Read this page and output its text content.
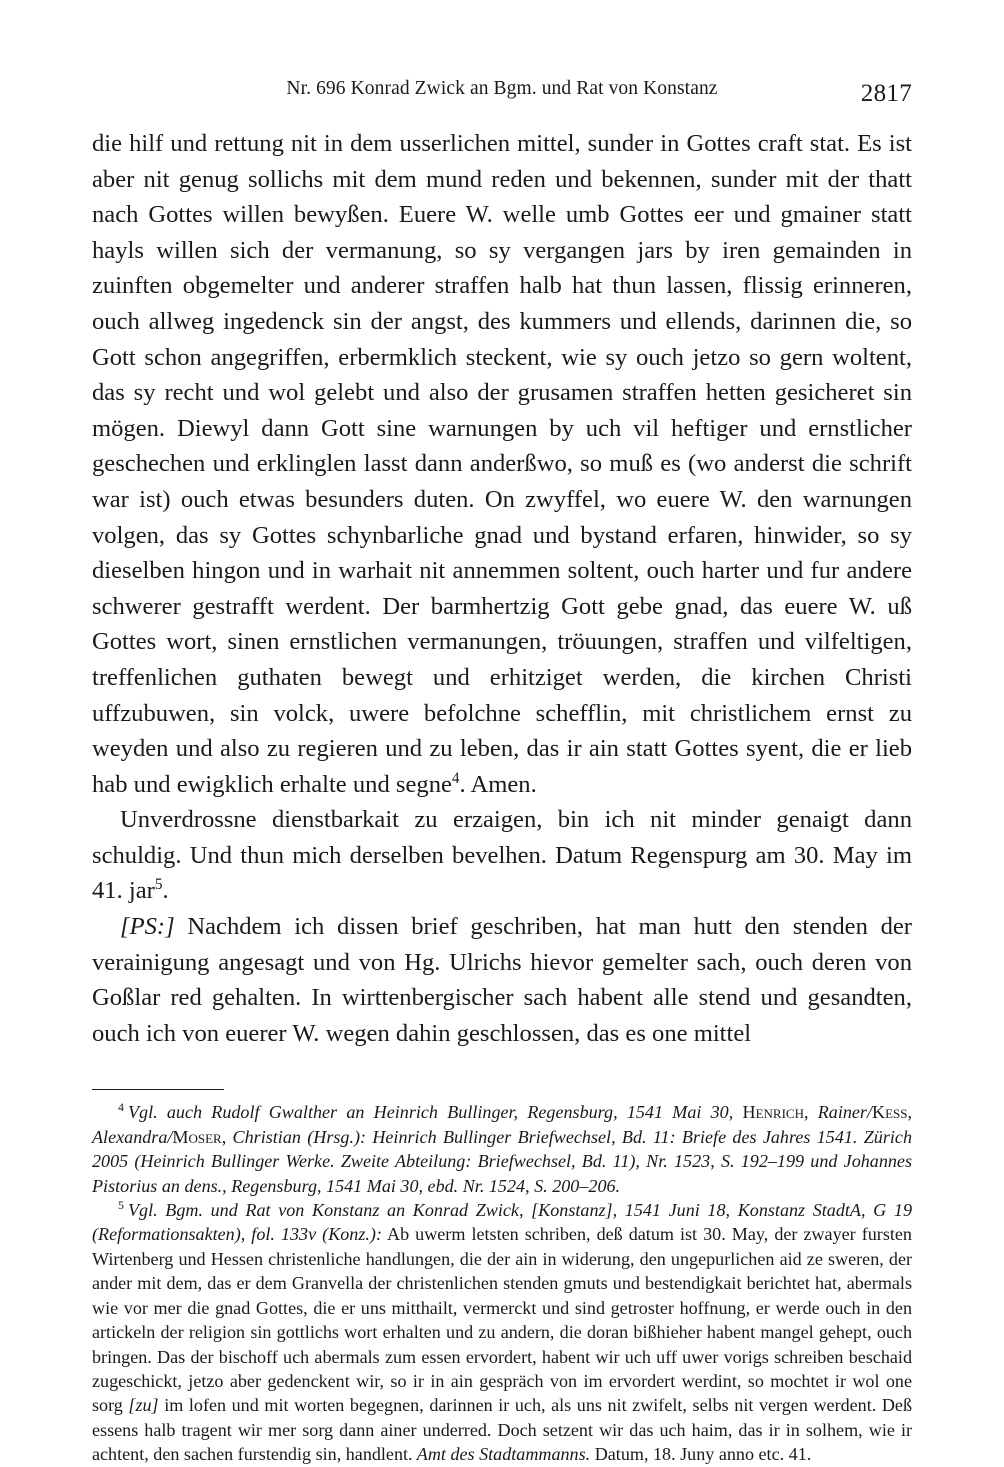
Nr. 696 Konrad Zwick an Bgm. und Rat von Konstanz	2817

die hilf und rettung nit in dem usserlichen mittel, sunder in Gottes craft stat. Es ist aber nit genug sollichs mit dem mund reden und bekennen, sunder mit der thatt nach Gottes willen bewyßen. Euere W. welle umb Gottes eer und gmainer statt hayls willen sich der vermanung, so sy vergangen jars by iren gemainden in zuinften obgemelter und anderer straffen halb hat thun lassen, flissig erinneren, ouch allweg ingedenck sin der angst, des kummers und ellends, darinnen die, so Gott schon angegriffen, erbermklich steckent, wie sy ouch jetzo so gern woltent, das sy recht und wol gelebt und also der grusamen straffen hetten gesicheret sin mögen. Diewyl dann Gott sine warnungen by uch vil heftiger und ernstlicher geschechen und erklinglen lasst dann anderßwo, so muß es (wo anderst die schrift war ist) ouch etwas besunders duten. On zwyffel, wo euere W. den warnungen volgen, das sy Gottes schynbarliche gnad und bystand erfaren, hinwider, so sy dieselben hingon und in warhait nit annemmen soltent, ouch harter und fur andere schwerer gestrafft werdent. Der barmhertzig Gott gebe gnad, das euere W. uß Gottes wort, sinen ernstlichen vermanungen, tröuungen, straffen und vilfeltigen, treffenlichen guthaten bewegt und erhitziget werden, die kirchen Christi uffzubuwen, sin volck, uwere befolchne schefflin, mit christlichem ernst zu weyden und also zu regieren und zu leben, das ir ain statt Gottes syent, die er lieb hab und ewigklich erhalte und segne$^4$. Amen.

Unverdrossne dienstbarkait zu erzaigen, bin ich nit minder genaigt dann schuldig. Und thun mich derselben bevelhen. Datum Regenspurg am 30. May im 41. jar$^5$.

[PS:] Nachdem ich dissen brief geschriben, hat man hutt den stenden der verainigung angesagt und von Hg. Ulrichs hievor gemelter sach, ouch deren von Goßlar red gehalten. In wirttenbergischer sach habent alle stend und gesandten, ouch ich von euerer W. wegen dahin geschlossen, das es one mittel

$^4$ Vgl. auch Rudolf Gwalther an Heinrich Bullinger, Regensburg, 1541 Mai 30, Henrich, Rainer/Kess, Alexandra/Moser, Christian (Hrsg.): Heinrich Bullinger Briefwechsel, Bd. 11: Briefe des Jahres 1541. Zürich 2005 (Heinrich Bullinger Werke. Zweite Abteilung: Briefwechsel, Bd. 11), Nr. 1523, S. 192–199 und Johannes Pistorius an dens., Regensburg, 1541 Mai 30, ebd. Nr. 1524, S. 200–206.

$^5$ Vgl. Bgm. und Rat von Konstanz an Konrad Zwick, [Konstanz], 1541 Juni 18, Konstanz StadtA, G 19 (Reformationsakten), fol. 133v (Konz.): Ab uwerm letsten schriben, deß datum ist 30. May, der zwayer fursten Wirtenberg und Hessen christenliche handlungen, die der ain in widerung, den ungepurlichen aid ze sweren, der ander mit dem, das er dem Granvella der christenlichen stenden gmuts und bestendigkait berichtet hat, abermals wie vor mer die gnad Gottes, die er uns mitthailt, vermerckt und sind getroster hoffnung, er werde ouch in den artickeln der religion sin gottlichs wort erhalten und zu andern, die doran bißhieher habent mangel gehept, ouch bringen. Das der bischoff uch abermals zum essen ervordert, habent wir uch uff uwer vorigs schreiben beschaid zugeschickt, jetzo aber gedenckent wir, so ir in ain gespräch von im ervordert werdint, so mochtet ir wol one sorg [zu] im lofen und mit worten begegnen, darinnen ir uch, als uns nit zwifelt, selbs nit vergen werdent. Deß essens halb tragent wir mer sorg dann ainer underred. Doch setzent wir das uch haim, das ir in solhem, wie ir achtent, den sachen furstendig sin, handlent. Amt des Stadtammanns. Datum, 18. Juny anno etc. 41.
